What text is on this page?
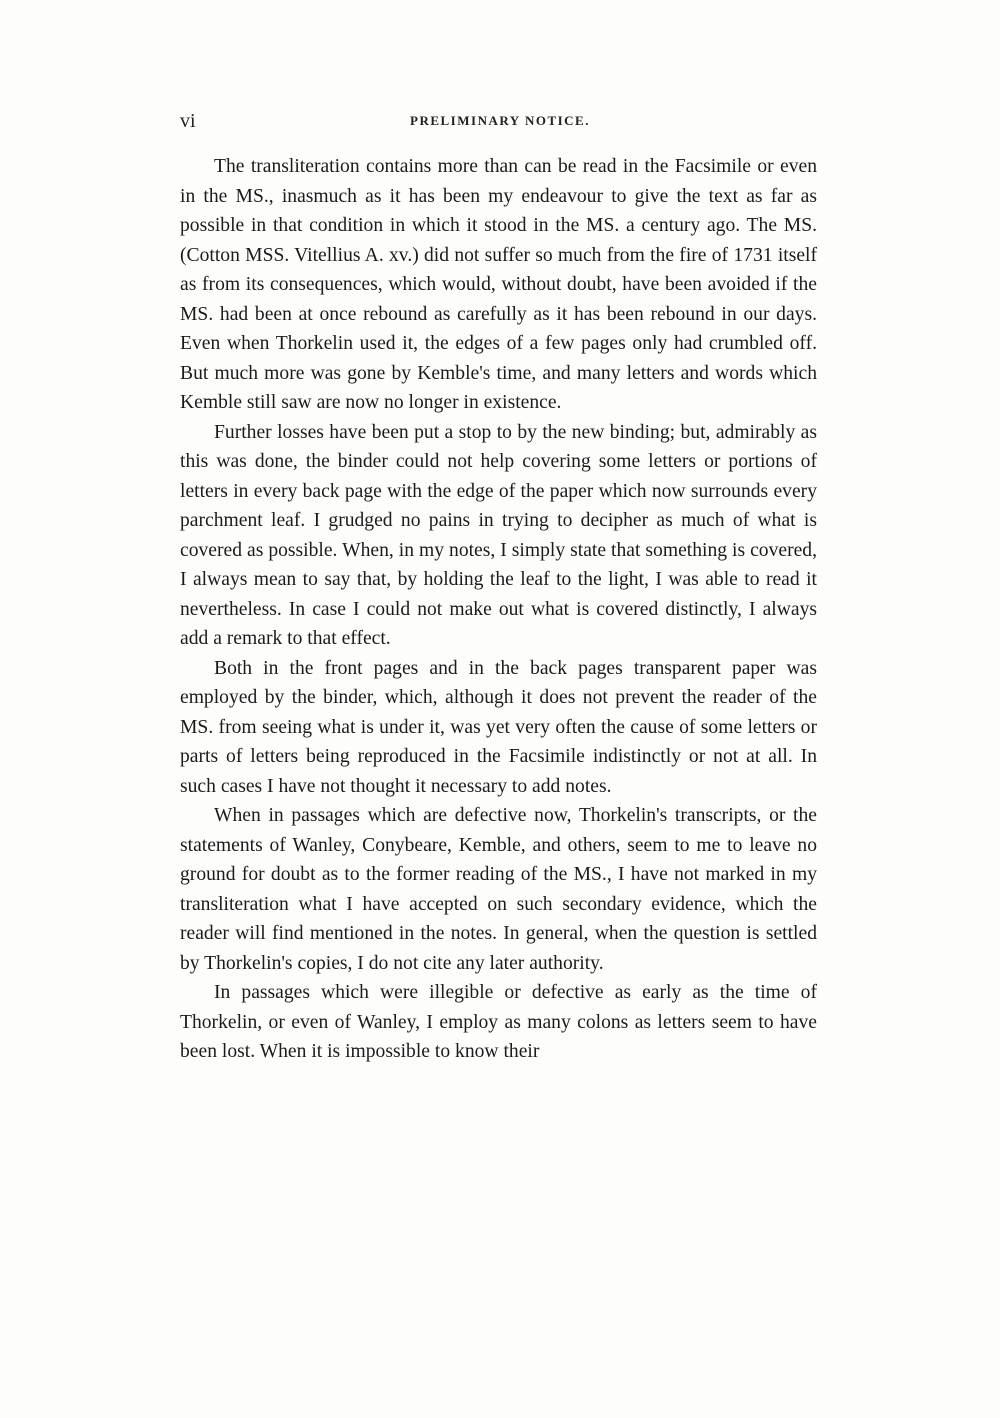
vi	PRELIMINARY NOTICE.

The transliteration contains more than can be read in the Facsimile or even in the MS., inasmuch as it has been my endeavour to give the text as far as possible in that condition in which it stood in the MS. a century ago. The MS. (Cotton MSS. Vitellius A. xv.) did not suffer so much from the fire of 1731 itself as from its consequences, which would, without doubt, have been avoided if the MS. had been at once rebound as carefully as it has been rebound in our days. Even when Thorkelin used it, the edges of a few pages only had crumbled off. But much more was gone by Kemble's time, and many letters and words which Kemble still saw are now no longer in existence.

Further losses have been put a stop to by the new binding; but, admirably as this was done, the binder could not help covering some letters or portions of letters in every back page with the edge of the paper which now surrounds every parchment leaf. I grudged no pains in trying to decipher as much of what is covered as possible. When, in my notes, I simply state that something is covered, I always mean to say that, by holding the leaf to the light, I was able to read it nevertheless. In case I could not make out what is covered distinctly, I always add a remark to that effect.

Both in the front pages and in the back pages transparent paper was employed by the binder, which, although it does not prevent the reader of the MS. from seeing what is under it, was yet very often the cause of some letters or parts of letters being reproduced in the Facsimile indistinctly or not at all. In such cases I have not thought it necessary to add notes.

When in passages which are defective now, Thorkelin's transcripts, or the statements of Wanley, Conybeare, Kemble, and others, seem to me to leave no ground for doubt as to the former reading of the MS., I have not marked in my transliteration what I have accepted on such secondary evidence, which the reader will find mentioned in the notes. In general, when the question is settled by Thorkelin's copies, I do not cite any later authority.

In passages which were illegible or defective as early as the time of Thorkelin, or even of Wanley, I employ as many colons as letters seem to have been lost. When it is impossible to know their
